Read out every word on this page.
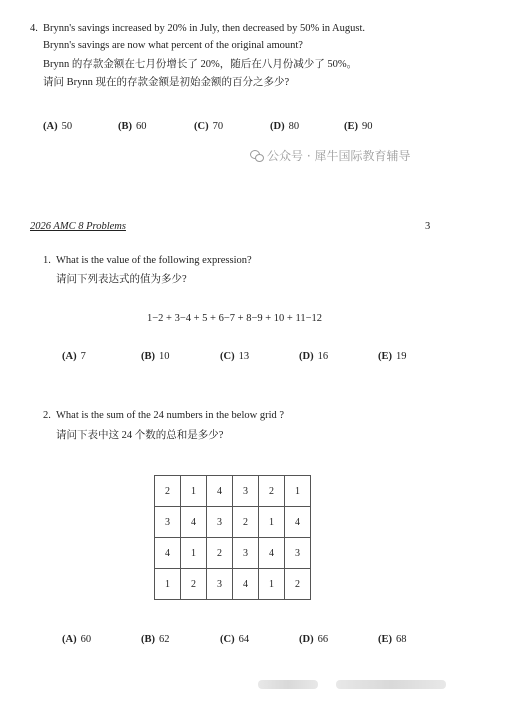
4. Brynn's savings increased by 20% in July, then decreased by 50% in August.
Brynn's savings are now what percent of the original amount?
Brynn 的存款金额在七月份增长了 20%，随后在八月份减少了 50%。
请问 Brynn 现在的存款金额是初始金额的百分之多少?
(A) 50	(B) 60	(C) 70	(D) 80	(E) 90
公众号 · 犀牛国际教育辅导
2026 AMC 8 Problems	3
1. What is the value of the following expression?
请问下列表达式的值为多少?
1−2 + 3−4 + 5 + 6−7 + 8−9 + 10 + 11−12
(A) 7	(B) 10	(C) 13	(D) 16	(E) 19
2. What is the sum of the 24 numbers in the below grid ?
请问下表中这 24 个数的总和是多少?
2	1	4	3	2	1
3	4	3	2	1	4
4	1	2	3	4	3
1	2	3	4	1	2
(A) 60	(B) 62	(C) 64	(D) 66	(E) 68
